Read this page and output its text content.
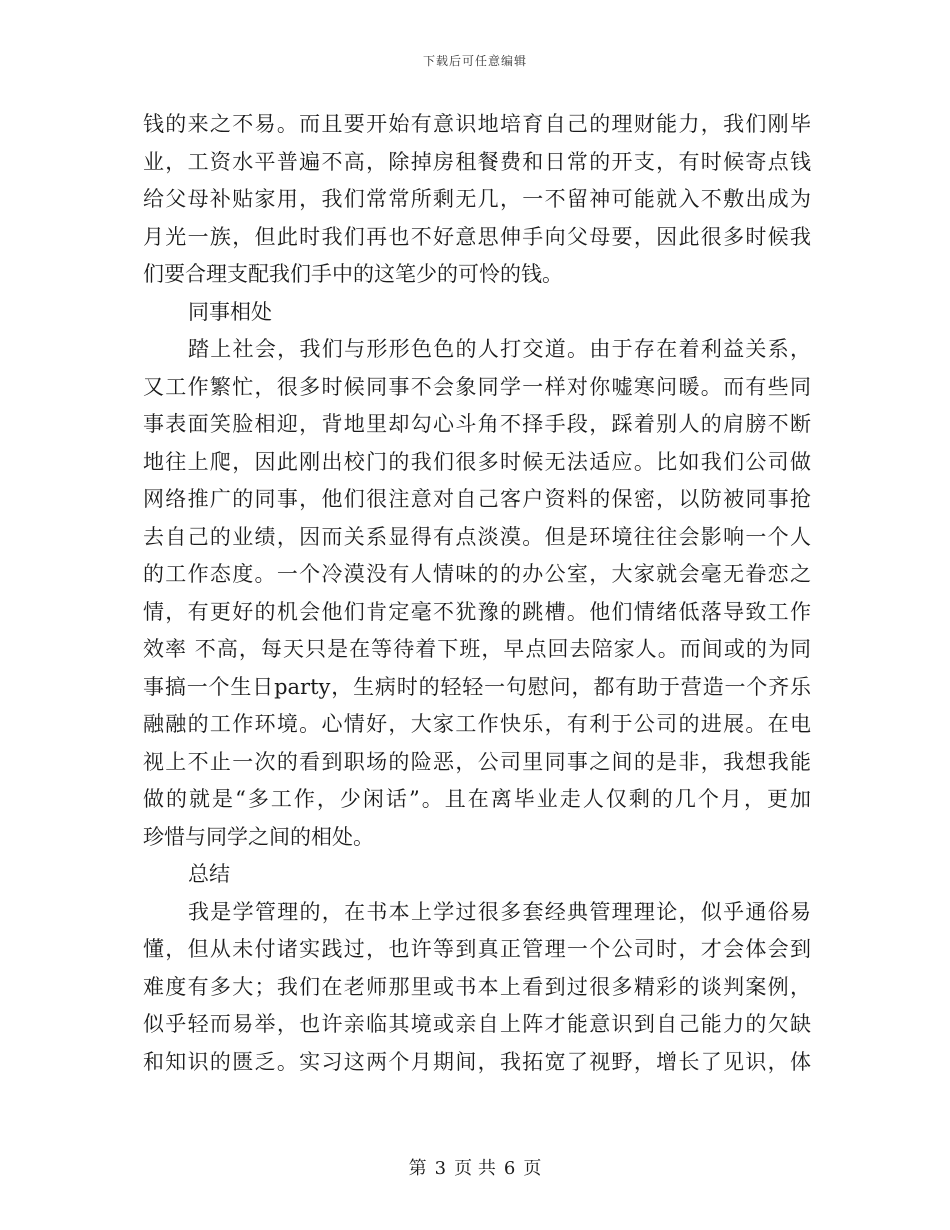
下载后可任意编辑
钱的来之不易。而且要开始有意识地培育自己的理财能力，我们刚毕
业，工资水平普遍不高，除掉房租餐费和日常的开支，有时候寄点钱
给父母补贴家用，我们常常所剩无几，一不留神可能就入不敷出成为
月光一族，但此时我们再也不好意思伸手向父母要，因此很多时候我
们要合理支配我们手中的这笔少的可怜的钱。
同事相处
踏上社会，我们与形形色色的人打交道。由于存在着利益关系，
又工作繁忙，很多时候同事不会象同学一样对你嘘寒问暖。而有些同
事表面笑脸相迎，背地里却勾心斗角不择手段，踩着别人的肩膀不断
地往上爬，因此刚出校门的我们很多时候无法适应。比如我们公司做
网络推广的同事，他们很注意对自己客户资料的保密，以防被同事抢
去自己的业绩，因而关系显得有点淡漠。但是环境往往会影响一个人
的工作态度。一个冷漠没有人情味的的办公室，大家就会毫无眷恋之
情，有更好的机会他们肯定毫不犹豫的跳槽。他们情绪低落导致工作
效率 不高，每天只是在等待着下班，早点回去陪家人。而间或的为同
事搞一个生日party，生病时的轻轻一句慰问，都有助于营造一个齐乐
融融的工作环境。心情好，大家工作快乐，有利于公司的进展。在电
视上不止一次的看到职场的险恶，公司里同事之间的是非，我想我能
做的就是“多工作，少闲话”。且在离毕业走人仅剩的几个月，更加
珍惜与同学之间的相处。
总结
我是学管理的，在书本上学过很多套经典管理理论，似乎通俗易
懂，但从未付诸实践过，也许等到真正管理一个公司时，才会体会到
难度有多大；我们在老师那里或书本上看到过很多精彩的谈判案例，
似乎轻而易举，也许亲临其境或亲自上阵才能意识到自己能力的欠缺
和知识的匮乏。实习这两个月期间，我拓宽了视野，增长了见识，体
第 3 页 共 6 页
